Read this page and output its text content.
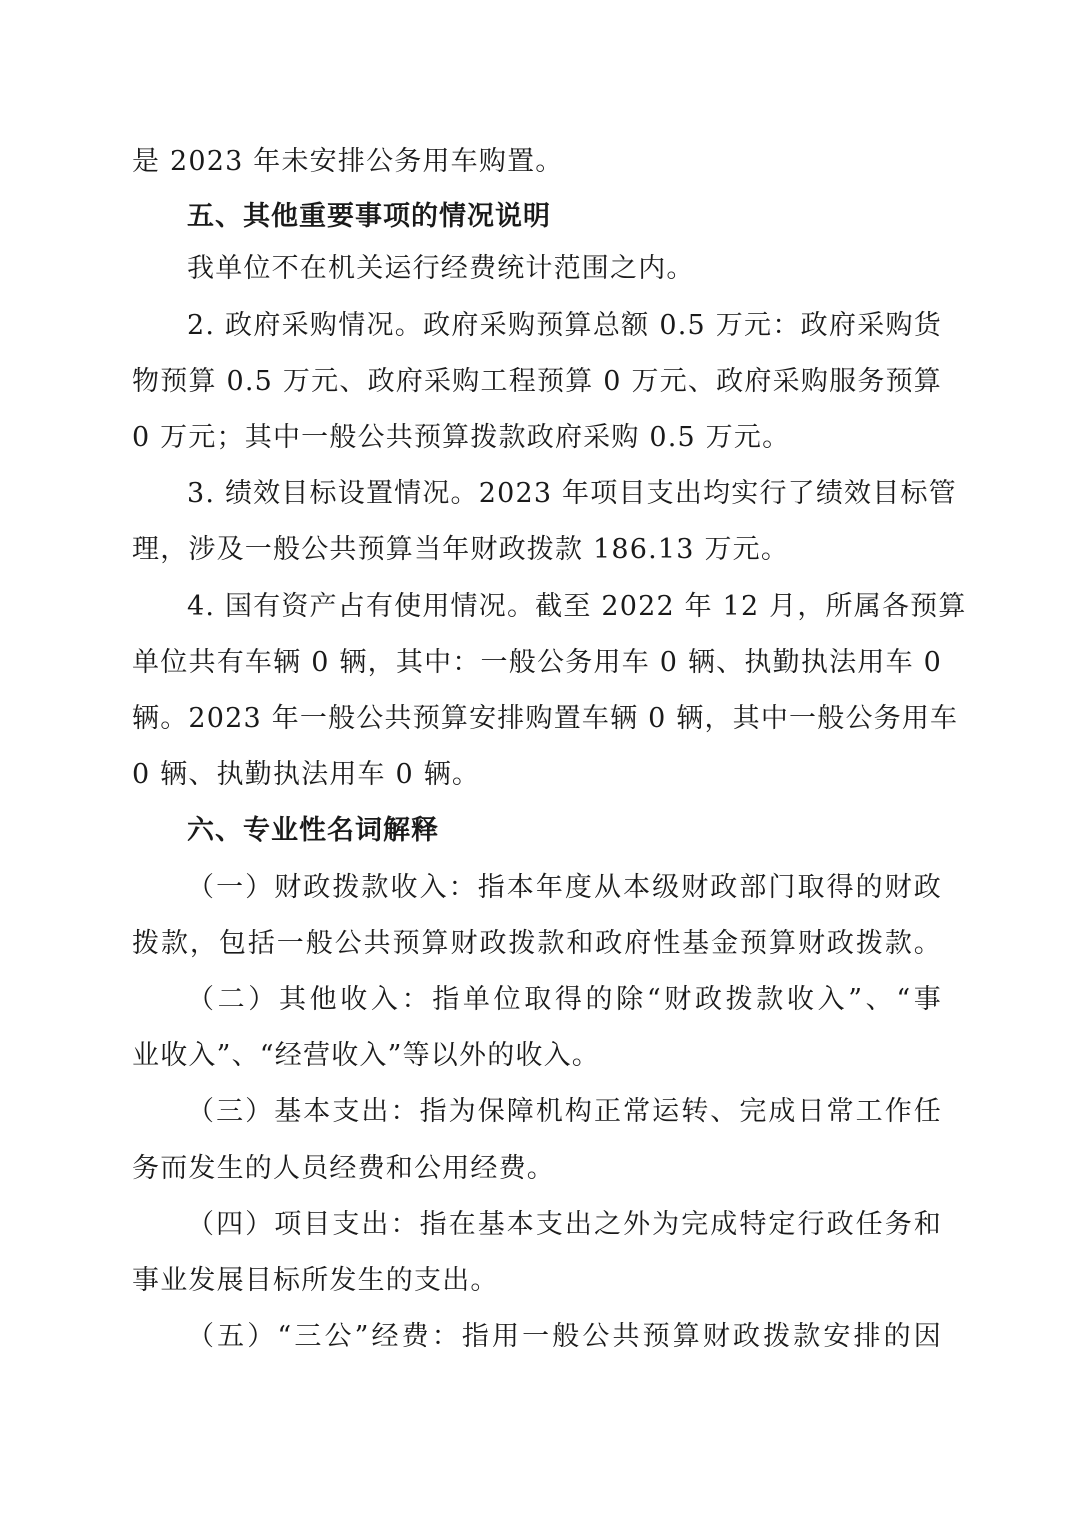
是 2023 年未安排公务用车购置。
五、其他重要事项的情况说明
我单位不在机关运行经费统计范围之内。
2. 政府采购情况。政府采购预算总额 0.5 万元：政府采购货
物预算 0.5 万元、政府采购工程预算 0 万元、政府采购服务预算
0 万元；其中一般公共预算拨款政府采购 0.5 万元。
3. 绩效目标设置情况。2023 年项目支出均实行了绩效目标管
理，涉及一般公共预算当年财政拨款 186.13 万元。
4. 国有资产占有使用情况。截至 2022 年 12 月，所属各预算
单位共有车辆 0 辆，其中：一般公务用车 0 辆、执勤执法用车 0
辆。2023 年一般公共预算安排购置车辆 0 辆，其中一般公务用车
0 辆、执勤执法用车 0 辆。
六、专业性名词解释
（一）财政拨款收入：指本年度从本级财政部门取得的财政
拨款，包括一般公共预算财政拨款和政府性基金预算财政拨款。
（二）其他收入：指单位取得的除“财政拨款收入”、“事
业收入”、“经营收入”等以外的收入。
（三）基本支出：指为保障机构正常运转、完成日常工作任
务而发生的人员经费和公用经费。
（四）项目支出：指在基本支出之外为完成特定行政任务和
事业发展目标所发生的支出。
（五）“三公”经费：指用一般公共预算财政拨款安排的因
